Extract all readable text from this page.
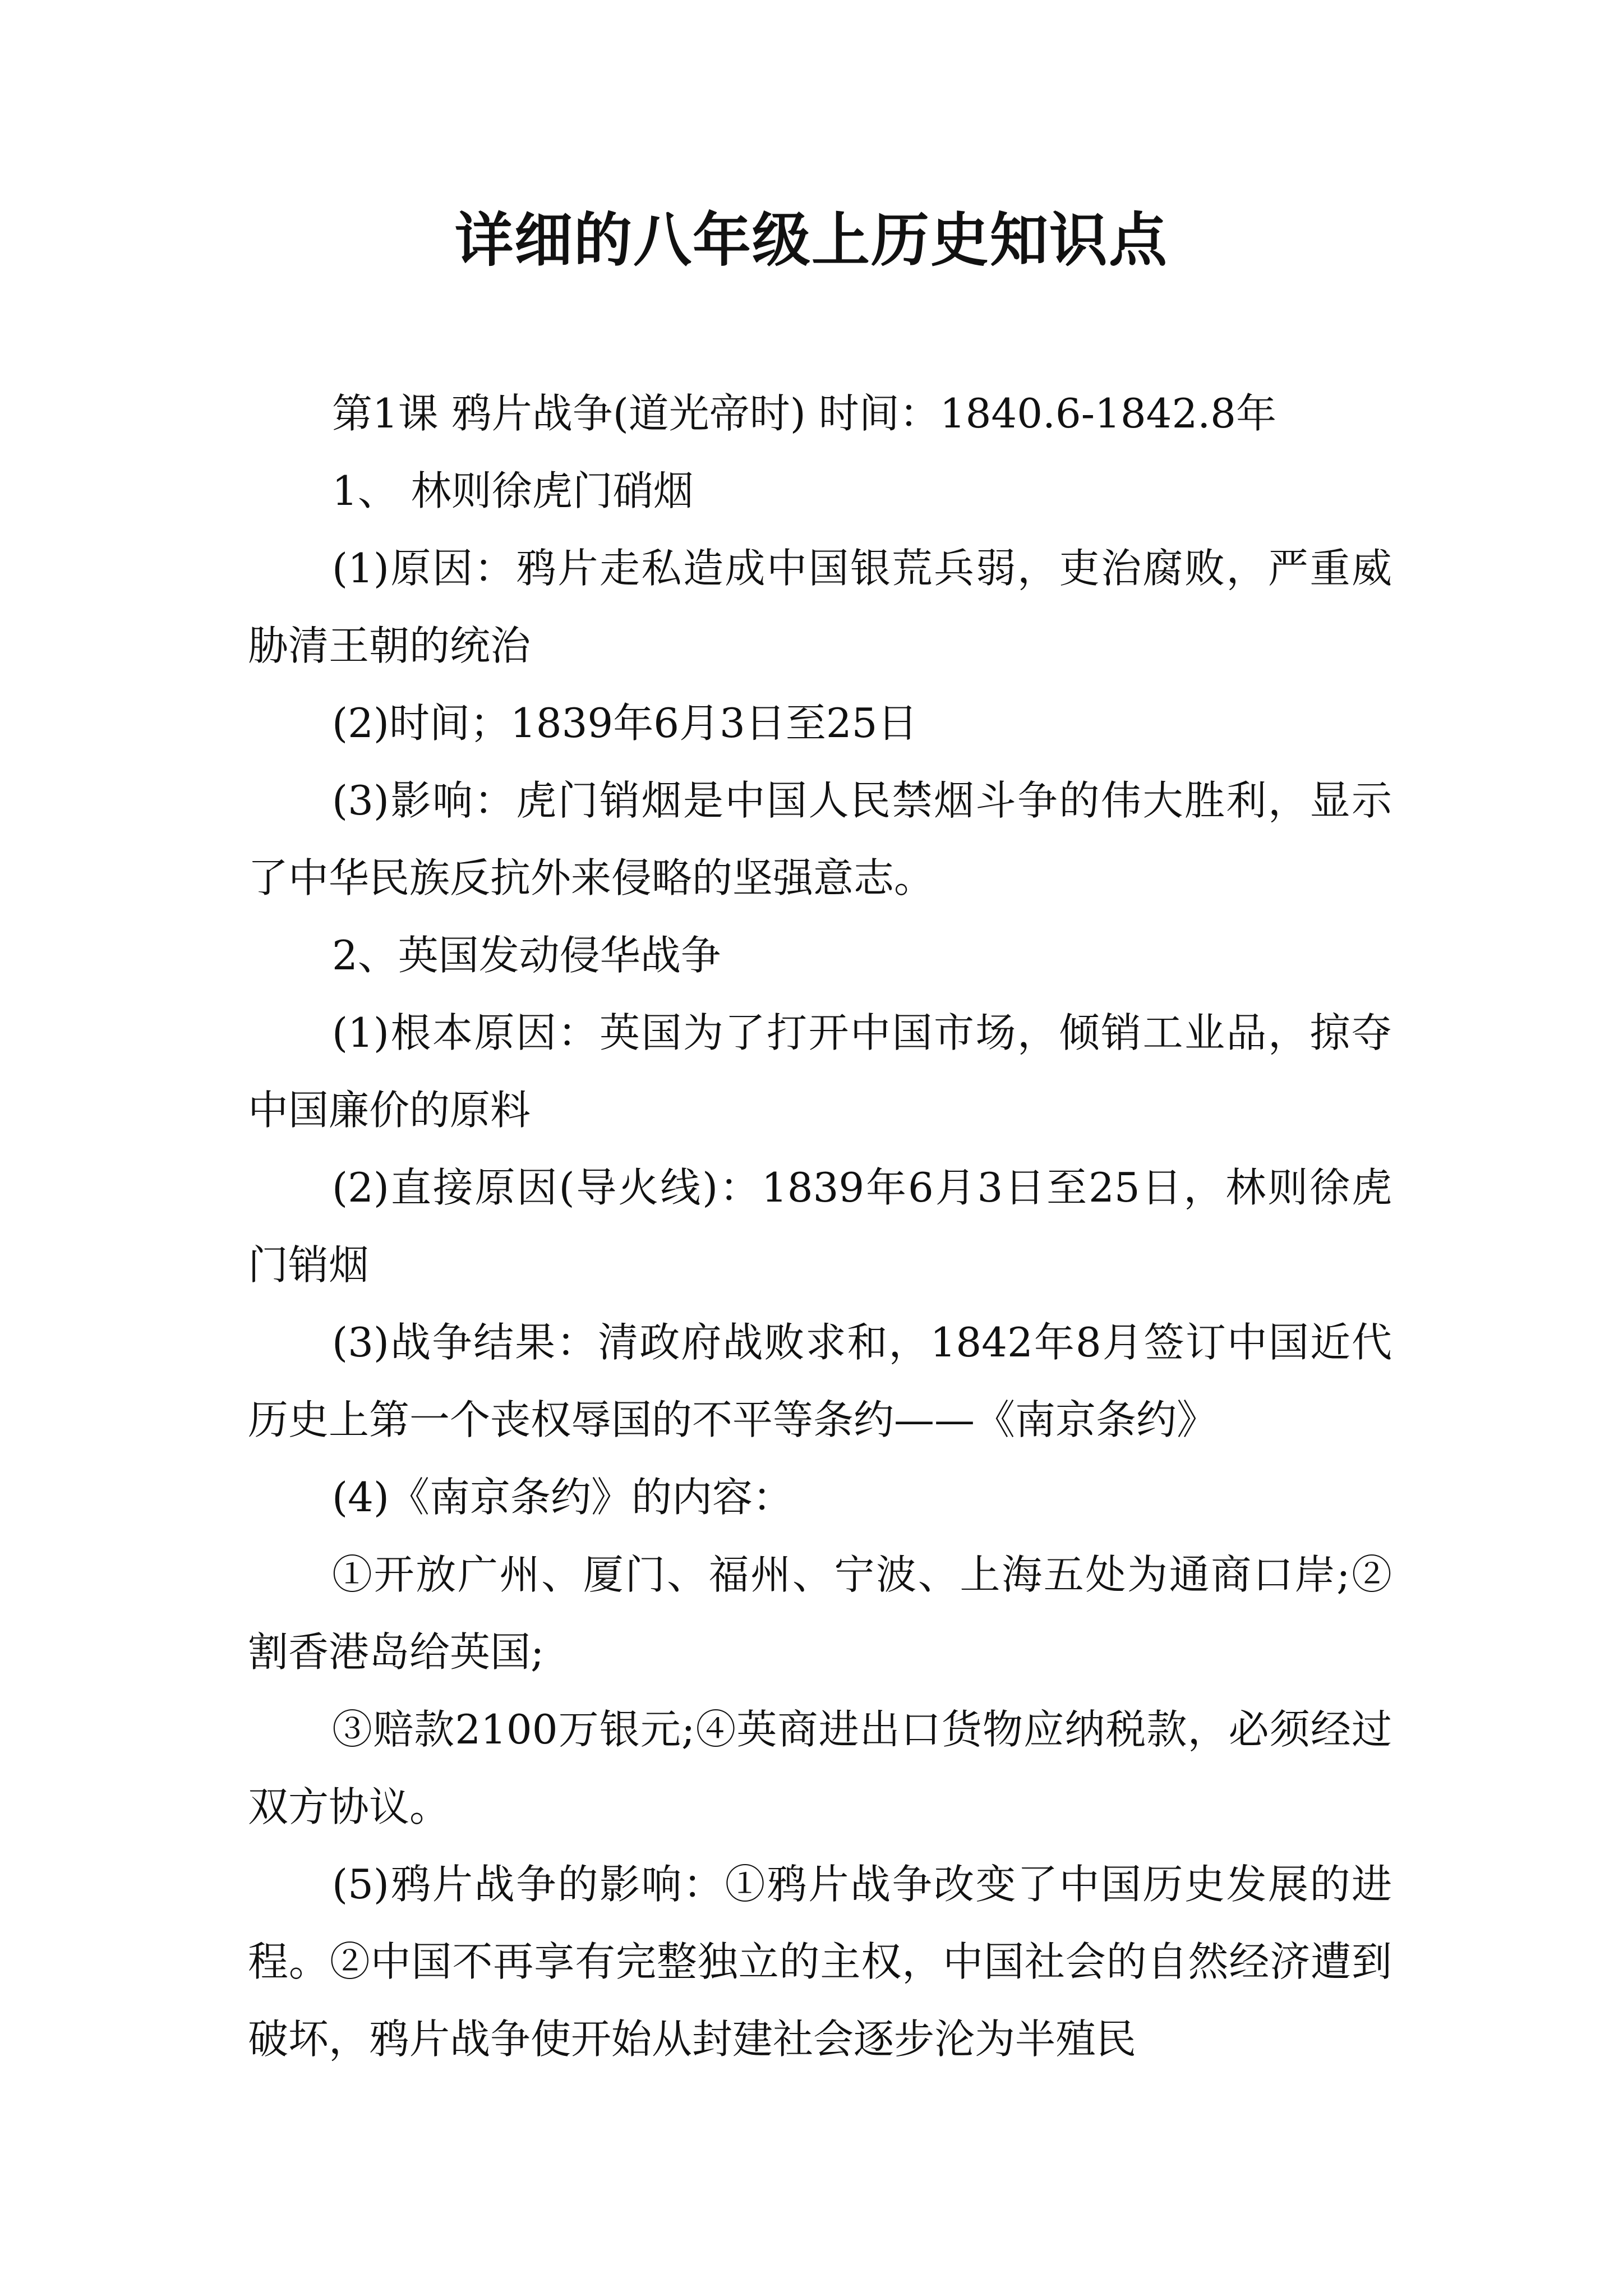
详细的八年级上历史知识点

第1课 鸦片战争(道光帝时) 时间：1840.6-1842.8年

1、 林则徐虎门硝烟

(1)原因：鸦片走私造成中国银荒兵弱，吏治腐败，严重威胁清王朝的统治

(2)时间；1839年6月3日至25日

(3)影响：虎门销烟是中国人民禁烟斗争的伟大胜利，显示了中华民族反抗外来侵略的坚强意志。

2、英国发动侵华战争

(1)根本原因：英国为了打开中国市场，倾销工业品，掠夺中国廉价的原料

(2)直接原因(导火线)：1839年6月3日至25日，林则徐虎门销烟

(3)战争结果：清政府战败求和，1842年8月签订中国近代历史上第一个丧权辱国的不平等条约——《南京条约》

(4)《南京条约》的内容：

①开放广州、厦门、福州、宁波、上海五处为通商口岸;②割香港岛给英国;

③赔款2100万银元;④英商进出口货物应纳税款，必须经过双方协议。

(5)鸦片战争的影响：①鸦片战争改变了中国历史发展的进程。②中国不再享有完整独立的主权，中国社会的自然经济遭到破坏，鸦片战争使开始从封建社会逐步沦为半殖民
